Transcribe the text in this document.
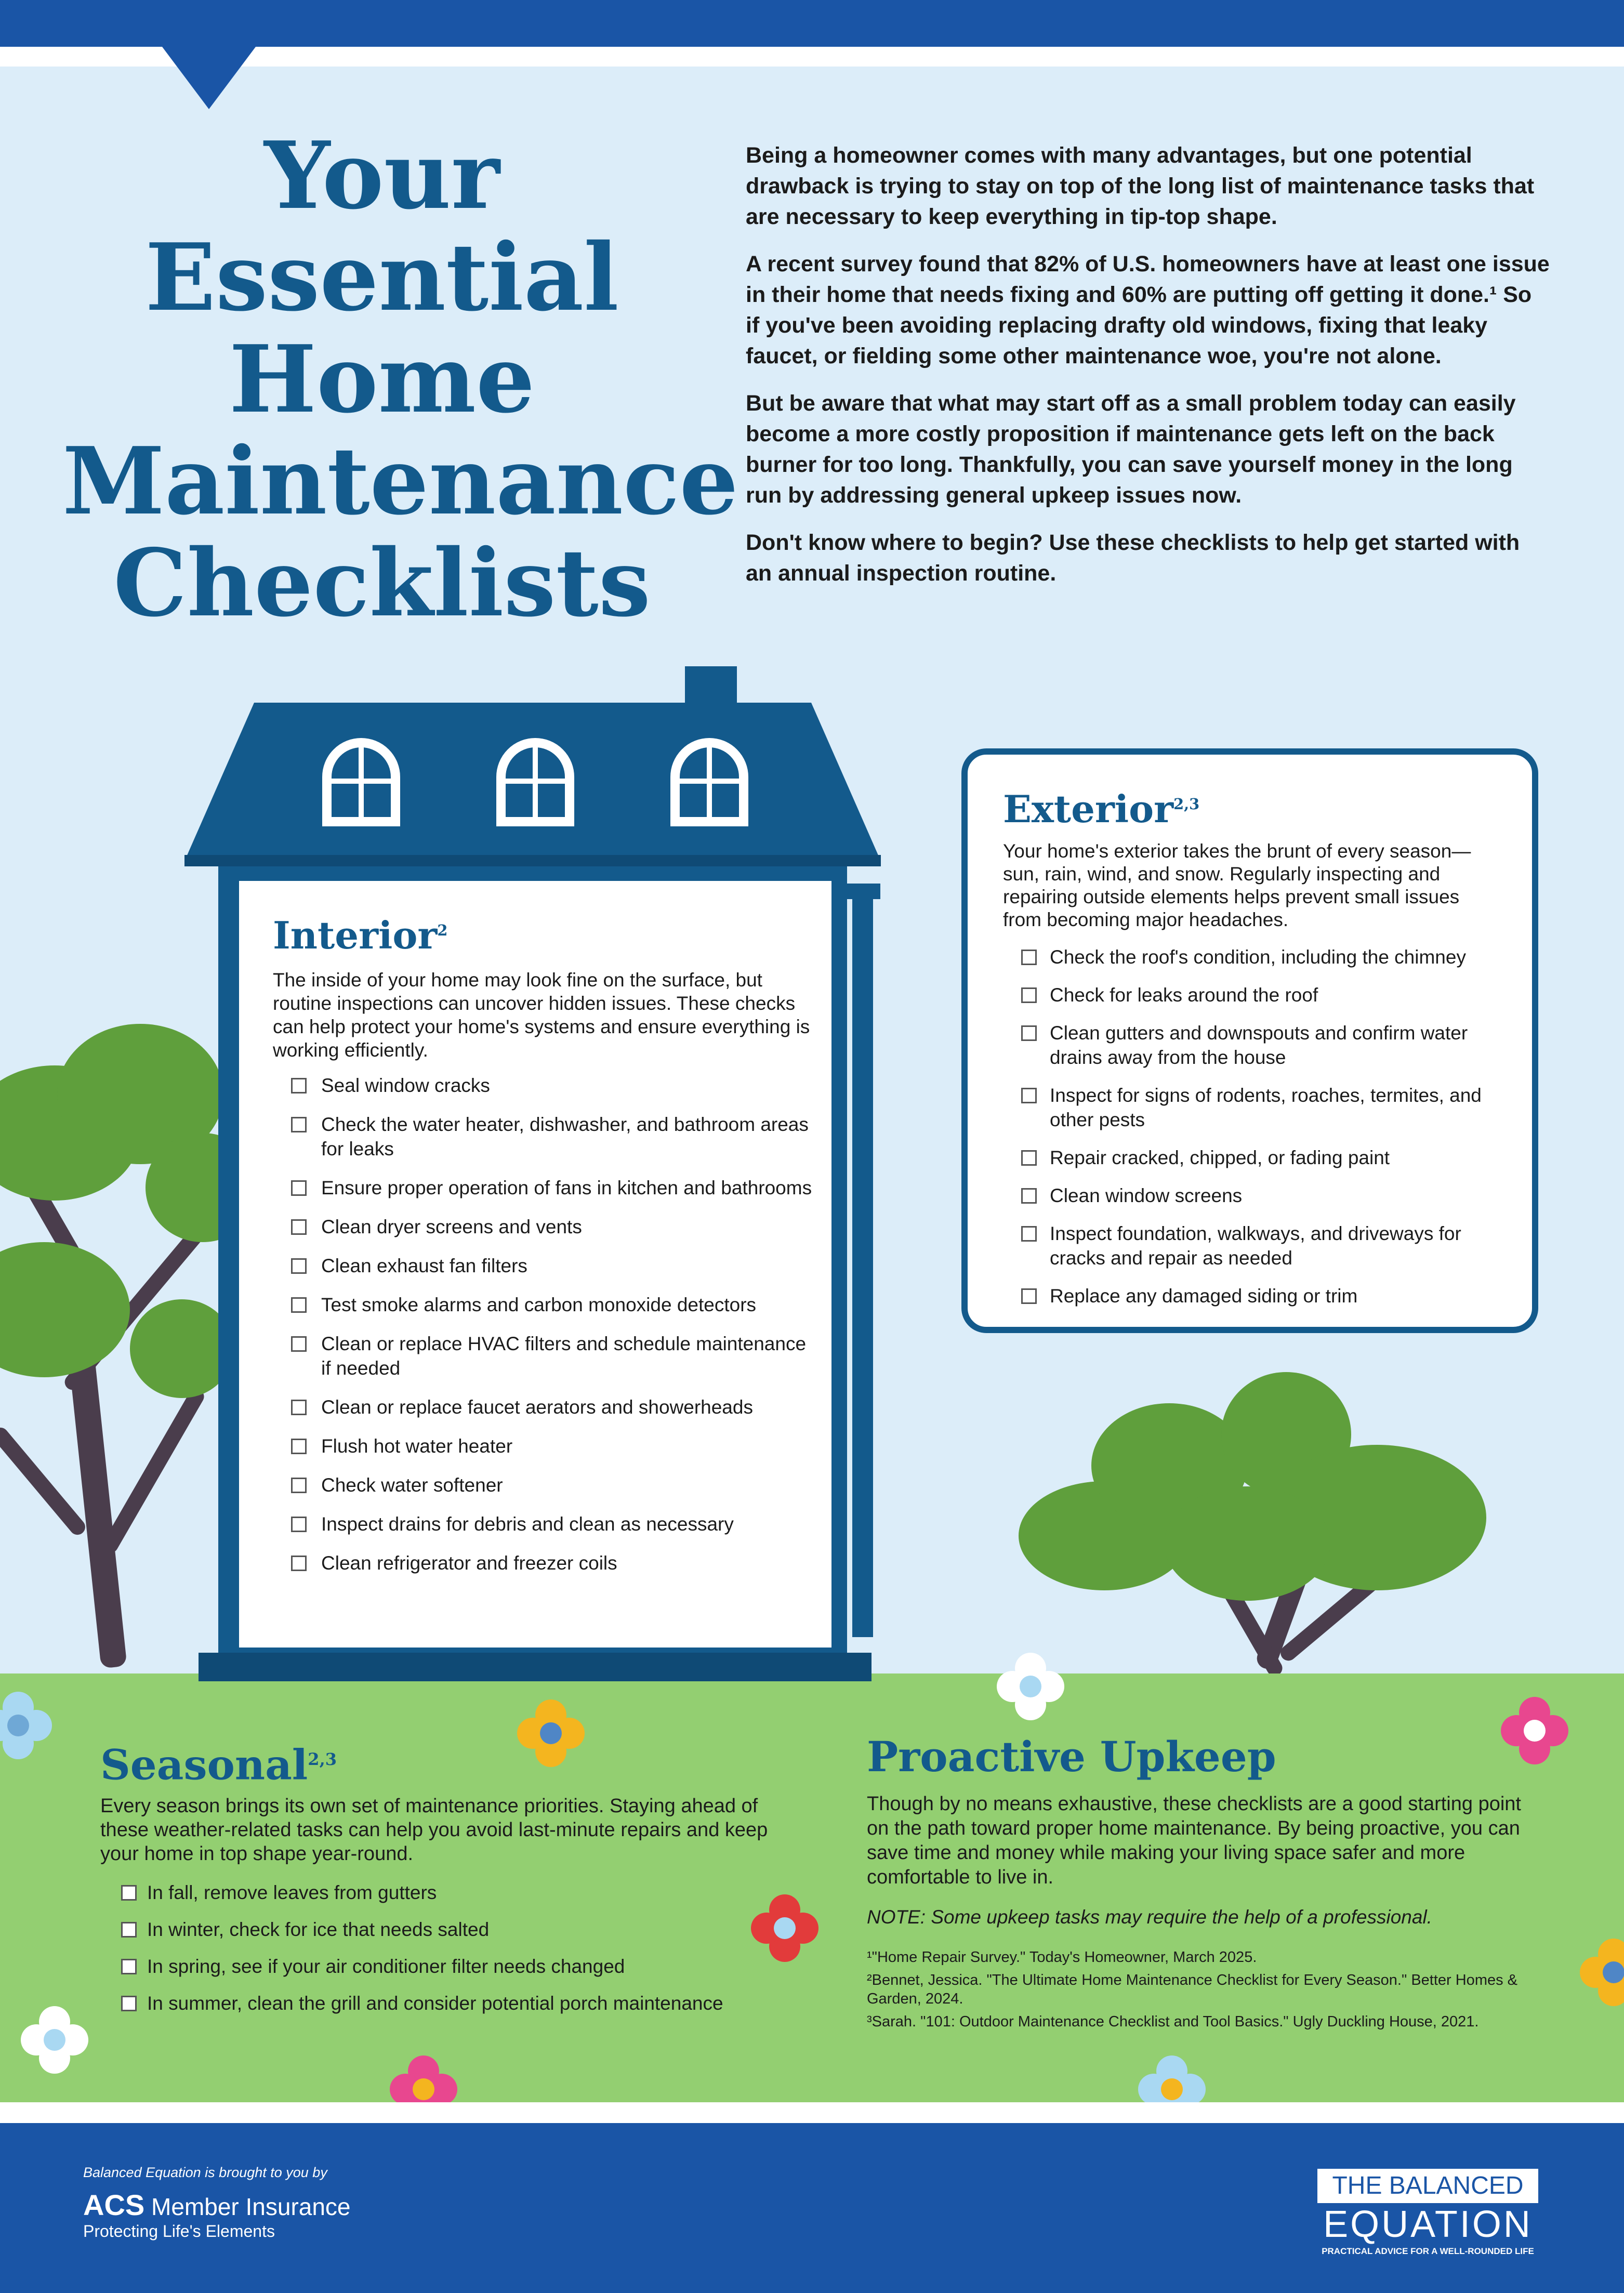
Your
Essential
Home
Maintenance
Checklists

Being a homeowner comes with many advantages, but one potential drawback is trying to stay on top of the long list of maintenance tasks that are necessary to keep everything in tip-top shape.

A recent survey found that 82% of U.S. homeowners have at least one issue in their home that needs fixing and 60% are putting off getting it done.¹ So if you've been avoiding replacing drafty old windows, fixing that leaky faucet, or fielding some other maintenance woe, you're not alone.

But be aware that what may start off as a small problem today can easily become a more costly proposition if maintenance gets left on the back burner for too long. Thankfully, you can save yourself money in the long run by addressing general upkeep issues now.

Don't know where to begin? Use these checklists to help get started with an annual inspection routine.

Interior$^2$

The inside of your home may look fine on the surface, but routine inspections can uncover hidden issues. These checks can help protect your home's systems and ensure everything is working efficiently.

Seal window cracks
Check the water heater, dishwasher, and bathroom areas for leaks
Ensure proper operation of fans in kitchen and bathrooms
Clean dryer screens and vents
Clean exhaust fan filters
Test smoke alarms and carbon monoxide detectors
Clean or replace HVAC filters and schedule maintenance if needed
Clean or replace faucet aerators and showerheads
Flush hot water heater
Check water softener
Inspect drains for debris and clean as necessary
Clean refrigerator and freezer coils
Exterior$^{2,3}$

Your home's exterior takes the brunt of every season—sun, rain, wind, and snow. Regularly inspecting and repairing outside elements helps prevent small issues from becoming major headaches.

Check the roof's condition, including the chimney
Check for leaks around the roof
Clean gutters and downspouts and confirm water drains away from the house
Inspect for signs of rodents, roaches, termites, and other pests
Repair cracked, chipped, or fading paint
Clean window screens
Inspect foundation, walkways, and driveways for cracks and repair as needed
Replace any damaged siding or trim
Seasonal$^{2,3}$

Every season brings its own set of maintenance priorities. Staying ahead of these weather-related tasks can help you avoid last-minute repairs and keep your home in top shape year-round.

In fall, remove leaves from gutters
In winter, check for ice that needs salted
In spring, see if your air conditioner filter needs changed
In summer, clean the grill and consider potential porch maintenance
Proactive Upkeep

Though by no means exhaustive, these checklists are a good starting point on the path toward proper home maintenance. By being proactive, you can save time and money while making your living space safer and more comfortable to live in.

NOTE: Some upkeep tasks may require the help of a professional.

¹"Home Repair Survey." Today's Homeowner, March 2025.

²Bennet, Jessica. "The Ultimate Home Maintenance Checklist for Every Season." Better Homes & Garden, 2024.

³Sarah. "101: Outdoor Maintenance Checklist and Tool Basics." Ugly Duckling House, 2021.

Balanced Equation is brought to you by
ACS Member Insurance
Protecting Life's Elements
THE BALANCED
EQUATION
PRACTICAL ADVICE FOR A WELL-ROUNDED LIFE
